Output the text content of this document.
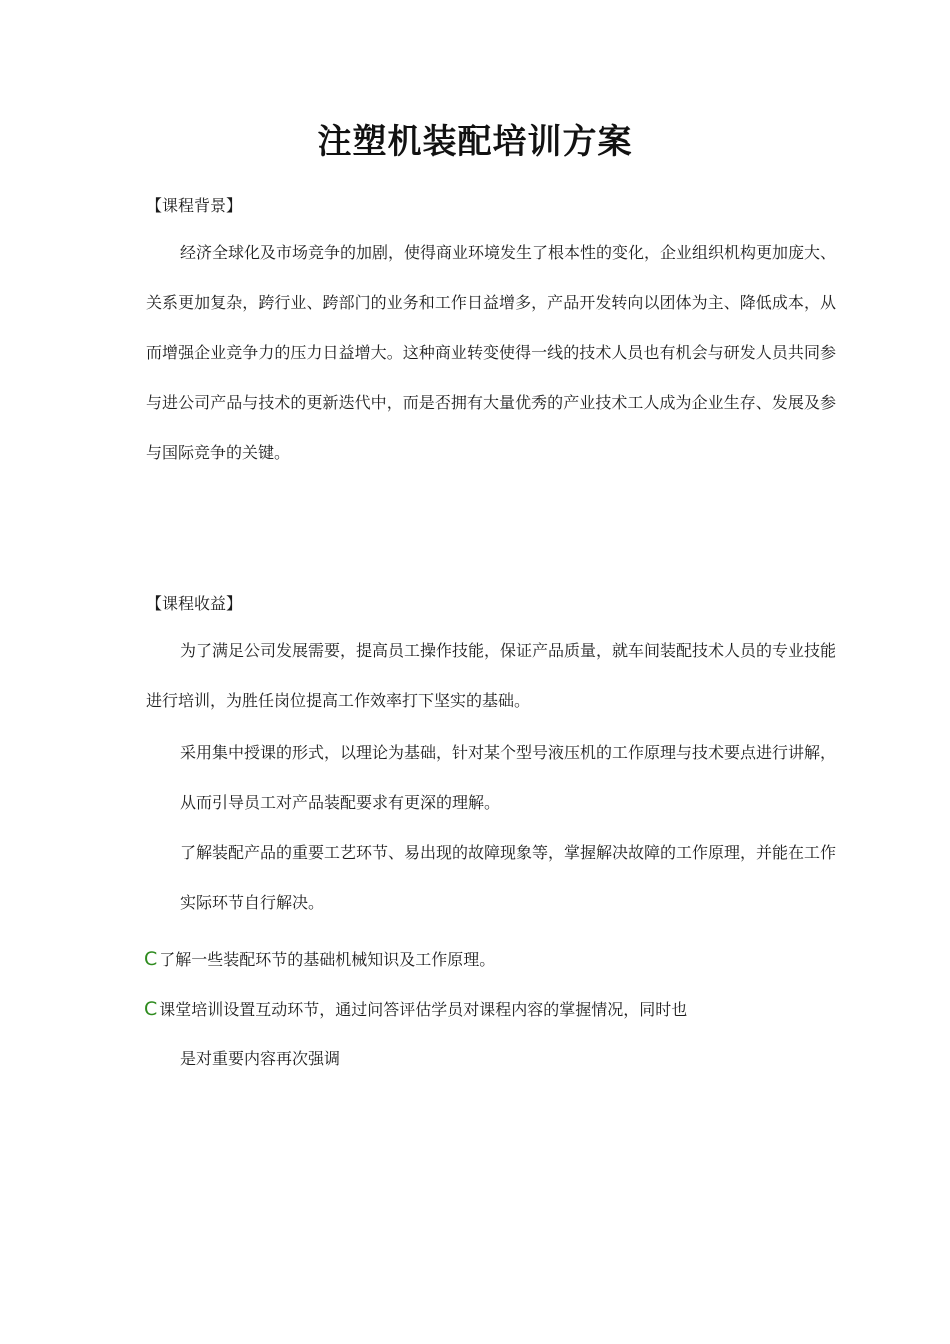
注塑机装配培训方案

【课程背景】

经济全球化及市场竞争的加剧，使得商业环境发生了根本性的变化，企业组织机构更加庞大、关系更加复杂，跨行业、跨部门的业务和工作日益增多，产品开发转向以团体为主、降低成本，从而增强企业竞争力的压力日益增大。这种商业转变使得一线的技术人员也有机会与研发人员共同参与进公司产品与技术的更新迭代中，而是否拥有大量优秀的产业技术工人成为企业生存、发展及参与国际竞争的关键。

【课程收益】

为了满足公司发展需要，提高员工操作技能，保证产品质量，就车间装配技术人员的专业技能进行培训，为胜任岗位提高工作效率打下坚实的基础。

采用集中授课的形式，以理论为基础，针对某个型号液压机的工作原理与技术要点进行讲解，从而引导员工对产品装配要求有更深的理解。

了解装配产品的重要工艺环节、易出现的故障现象等，掌握解决故障的工作原理，并能在工作实际环节自行解决。

C 了解一些装配环节的基础机械知识及工作原理。

C 课堂培训设置互动环节，通过问答评估学员对课程内容的掌握情况，同时也

是对重要内容再次强调
